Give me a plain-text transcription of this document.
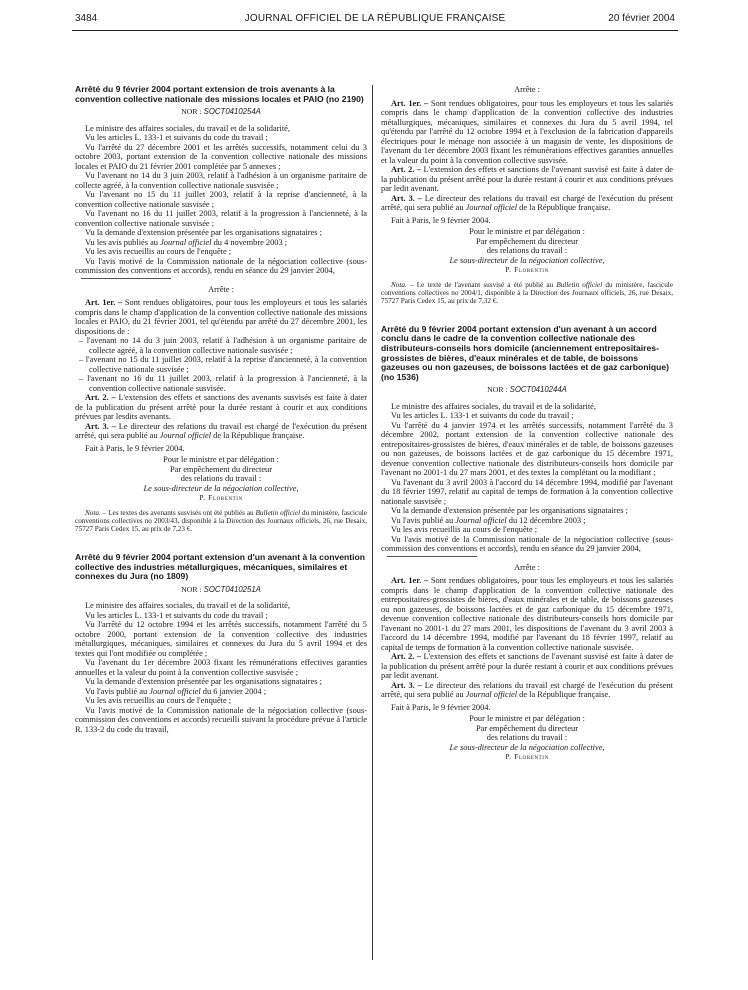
3484	JOURNAL OFFICIEL DE LA RÉPUBLIQUE FRANÇAISE	20 février 2004

Arrêté du 9 février 2004 portant extension de trois avenants à la convention collective nationale des missions locales et PAIO (no 2190)

NOR : SOCT0410254A

Le ministre des affaires sociales, du travail et de la solidarité,

Vu les articles L. 133-1 et suivants du code du travail ;

Vu l'arrêté du 27 décembre 2001 et les arrêtés successifs, notamment celui du 3 octobre 2003, portant extension de la convention collective nationale des missions locales et PAIO du 21 février 2001 complétée par 5 annexes ;

Vu l'avenant no 14 du 3 juin 2003, relatif à l'adhésion à un organisme paritaire de collecte agréé, à la convention collective nationale susvisée ;

Vu l'avenant no 15 du 11 juillet 2003, relatif à la reprise d'ancienneté, à la convention collective nationale susvisée ;

Vu l'avenant no 16 du 11 juillet 2003, relatif à la progression à l'ancienneté, à la convention collective nationale susvisée ;

Vu la demande d'extension présentée par les organisations signataires ;

Vu les avis publiés au Journal officiel du 4 novembre 2003 ;

Vu les avis recueillis au cours de l'enquête ;

Vu l'avis motivé de la Commission nationale de la négociation collective (sous-commission des conventions et accords), rendu en séance du 29 janvier 2004,

Arrête :

Art. 1er. – Sont rendues obligatoires, pour tous les employeurs et tous les salariés compris dans le champ d'application de la convention collective nationale des missions locales et PAIO, du 21 février 2001, tel qu'étendu par arrêté du 27 décembre 2001, les dispositions de :

– l'avenant no 14 du 3 juin 2003, relatif à l'adhésion à un organisme paritaire de collecte agréé, à la convention collective nationale susvisée ;

– l'avenant no 15 du 11 juillet 2003, relatif à la reprise d'ancienneté, à la convention collective nationale susvisée ;

– l'avenant no 16 du 11 juillet 2003, relatif à la progression à l'ancienneté, à la convention collective nationale susvisée.

Art. 2. – L'extension des effets et sanctions des avenants susvisés est faite à dater de la publication du présent arrêté pour la durée restant à courir et aux conditions prévues par lesdits avenants.

Art. 3. – Le directeur des relations du travail est chargé de l'exécution du présent arrêté, qui sera publié au Journal officiel de la République française.

Fait à Paris, le 9 février 2004.

Pour le ministre et par délégation :

Par empêchement du directeur

des relations du travail :

Le sous-directeur de la négociation collective,

P. Florentin

Nota. – Les textes des avenants susvisés ont été publiés au Bulletin officiel du ministère, fascicule conventions collectives no 2003/43, disponible à la Direction des Journaux officiels, 26, rue Desaix, 75727 Paris Cedex 15, au prix de 7,23 €.

Arrêté du 9 février 2004 portant extension d'un avenant à la convention collective des industries métallurgiques, mécaniques, similaires et connexes du Jura (no 1809)

NOR : SOCT0410251A

Le ministre des affaires sociales, du travail et de la solidarité,

Vu les articles L. 133-1 et suivants du code du travail ;

Vu l'arrêté du 12 octobre 1994 et les arrêtés successifs, notamment l'arrêté du 5 octobre 2000, portant extension de la convention collective des industries métallurgiques, mécaniques, similaires et connexes du Jura du 5 avril 1994 et des textes qui l'ont modifiée ou complétée ;

Vu l'avenant du 1er décembre 2003 fixant les rémunérations effectives garanties annuelles et la valeur du point à la convention collective susvisée ;

Vu la demande d'extension présentée par les organisations signataires ;

Vu l'avis publié au Journal officiel du 6 janvier 2004 ;

Vu les avis recueillis au cours de l'enquête ;

Vu l'avis motivé de la Commission nationale de la négociation collective (sous-commission des conventions et accords) recueilli suivant la procédure prévue à l'article R. 133-2 du code du travail,

Arrête :

Art. 1er. – Sont rendues obligatoires, pour tous les employeurs et tous les salariés compris dans le champ d'application de la convention collective des industries métallurgiques, mécaniques, similaires et connexes du Jura du 5 avril 1994, tel qu'étendu par l'arrêté du 12 octobre 1994 et à l'exclusion de la fabrication d'appareils électriques pour le ménage non associée à un magasin de vente, les dispositions de l'avenant du 1er décembre 2003 fixant les rémunérations effectives garanties annuelles et la valeur du point à la convention collective susvisée.

Art. 2. – L'extension des effets et sanctions de l'avenant susvisé est faite à dater de la publication du présent arrêté pour la durée restant à courir et aux conditions prévues par ledit avenant.

Art. 3. – Le directeur des relations du travail est chargé de l'exécution du présent arrêté, qui sera publié au Journal officiel de la République française.

Fait à Paris, le 9 février 2004.

Pour le ministre et par délégation :

Par empêchement du directeur

des relations du travail :

Le sous-directeur de la négociation collective,

P. Florentin

Nota. – Le texte de l'avenant susvisé a été publié au Bulletin officiel du ministère, fascicule conventions collectives no 2004/1, disponible à la Direction des Journaux officiels, 26, rue Desaix, 75727 Paris Cedex 15, au prix de 7,32 €.

Arrêté du 9 février 2004 portant extension d'un avenant à un accord conclu dans le cadre de la convention collective nationale des distributeurs-conseils hors domicile (anciennement entrepositaires-grossistes de bières, d'eaux minérales et de table, de boissons gazeuses ou non gazeuses, de boissons lactées et de gaz carbonique) (no 1536)

NOR : SOCT0410244A

Le ministre des affaires sociales, du travail et de la solidarité,

Vu les articles L. 133-1 et suivants du code du travail ;

Vu l'arrêté du 4 janvier 1974 et les arrêtés successifs, notamment l'arrêté du 3 décembre 2002, portant extension de la convention collective nationale des entrepositaires-grossistes de bières, d'eaux minérales et de table, de boissons gazeuses ou non gazeuses, de boissons lactées et de gaz carbonique du 15 décembre 1971, devenue convention collective nationale des distributeurs-conseils hors domicile par l'avenant no 2001-1 du 27 mars 2001, et des textes la complétant ou la modifiant ;

Vu l'avenant du 3 avril 2003 à l'accord du 14 décembre 1994, modifié par l'avenant du 18 février 1997, relatif au capital de temps de formation à la convention collective nationale susvisée ;

Vu la demande d'extension présentée par les organisations signataires ;

Vu l'avis publié au Journal officiel du 12 décembre 2003 ;

Vu les avis recueillis au cours de l'enquête ;

Vu l'avis motivé de la Commission nationale de la négociation collective (sous-commission des conventions et accords), rendu en séance du 29 janvier 2004,

Arrête :

Art. 1er. – Sont rendues obligatoires, pour tous les employeurs et tous les salariés compris dans le champ d'application de la convention collective nationale des entrepositaires-grossistes de bières, d'eaux minérales et de table, de boissons gazeuses ou non gazeuses, de boissons lactées et de gaz carbonique du 15 décembre 1971, devenue convention collective nationale des distributeurs-conseils hors domicile par l'avenant no 2001-1 du 27 mars 2001, les dispositions de l'avenant du 3 avril 2003 à l'accord du 14 décembre 1994, modifié par l'avenant du 18 février 1997, relatif au capital de temps de formation à la convention collective nationale susvisée.

Art. 2. – L'extension des effets et sanctions de l'avenant susvisé est faite à dater de la publication du présent arrêté pour la durée restant à courir et aux conditions prévues par ledit avenant.

Art. 3. – Le directeur des relations du travail est chargé de l'exécution du présent arrêté, qui sera publié au Journal officiel de la République française.

Fait à Paris, le 9 février 2004.

Pour le ministre et par délégation :

Par empêchement du directeur

des relations du travail :

Le sous-directeur de la négociation collective,

P. Florentin
